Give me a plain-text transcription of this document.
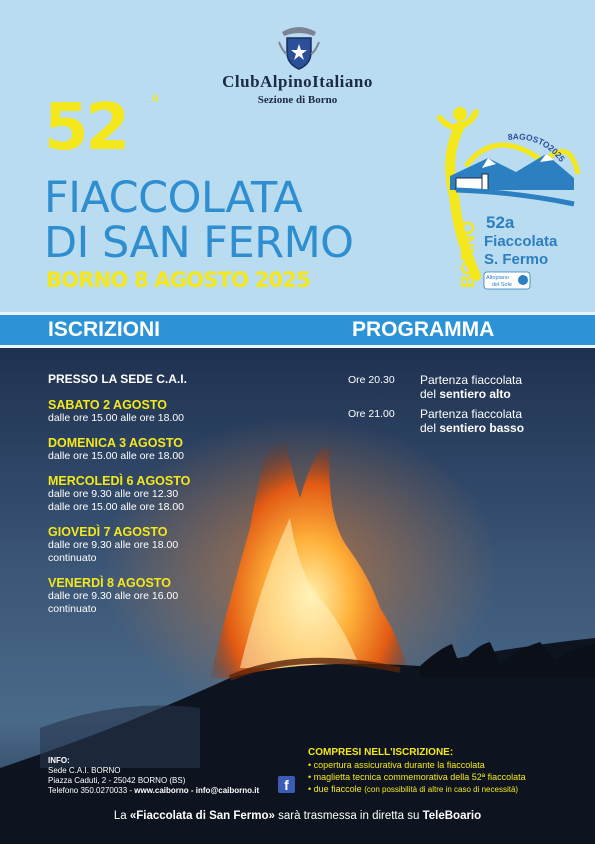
ClubAlpinoItaliano
Sezione di Borno
52 a
FIACCOLATA
DI SAN FERMO
BORNO 8 AGOSTO 2025
8AGOSTO2025
BORNO 52a
Fiaccolata
S. Fermo
Altopiano
del Sole
ISCRIZIONI	PROGRAMMA
PRESSO LA SEDE C.A.I.
SABATO 2 AGOSTO
dalle ore 15.00 alle ore 18.00
DOMENICA 3 AGOSTO
dalle ore 15.00 alle ore 18.00
MERCOLEDÌ 6 AGOSTO
dalle ore 9.30 alle ore 12.30
dalle ore 15.00 alle ore 18.00
GIOVEDÌ 7 AGOSTO
dalle ore 9.30 alle ore 18.00
continuato
VENERDÌ 8 AGOSTO
dalle ore 9.30 alle ore 16.00
continuato
Ore 20.30	Partenza fiaccolata
del sentiero alto
Ore 21.00	Partenza fiaccolata
del sentiero basso
INFO:
Sede C.A.I. BORNO
Piazza Caduti, 2 - 25042 BORNO (BS)
Telefono 350.0270033 - www.caiborno - info@caiborno.it	f
COMPRESI NELL'ISCRIZIONE:
• copertura assicurativa durante la fiaccolata
• maglietta tecnica commemorativa della 52ª fiaccolata
• due fiaccole (con possibilità di altre in caso di necessità)
La «Fiaccolata di San Fermo» sarà trasmessa in diretta su TeleBoario
